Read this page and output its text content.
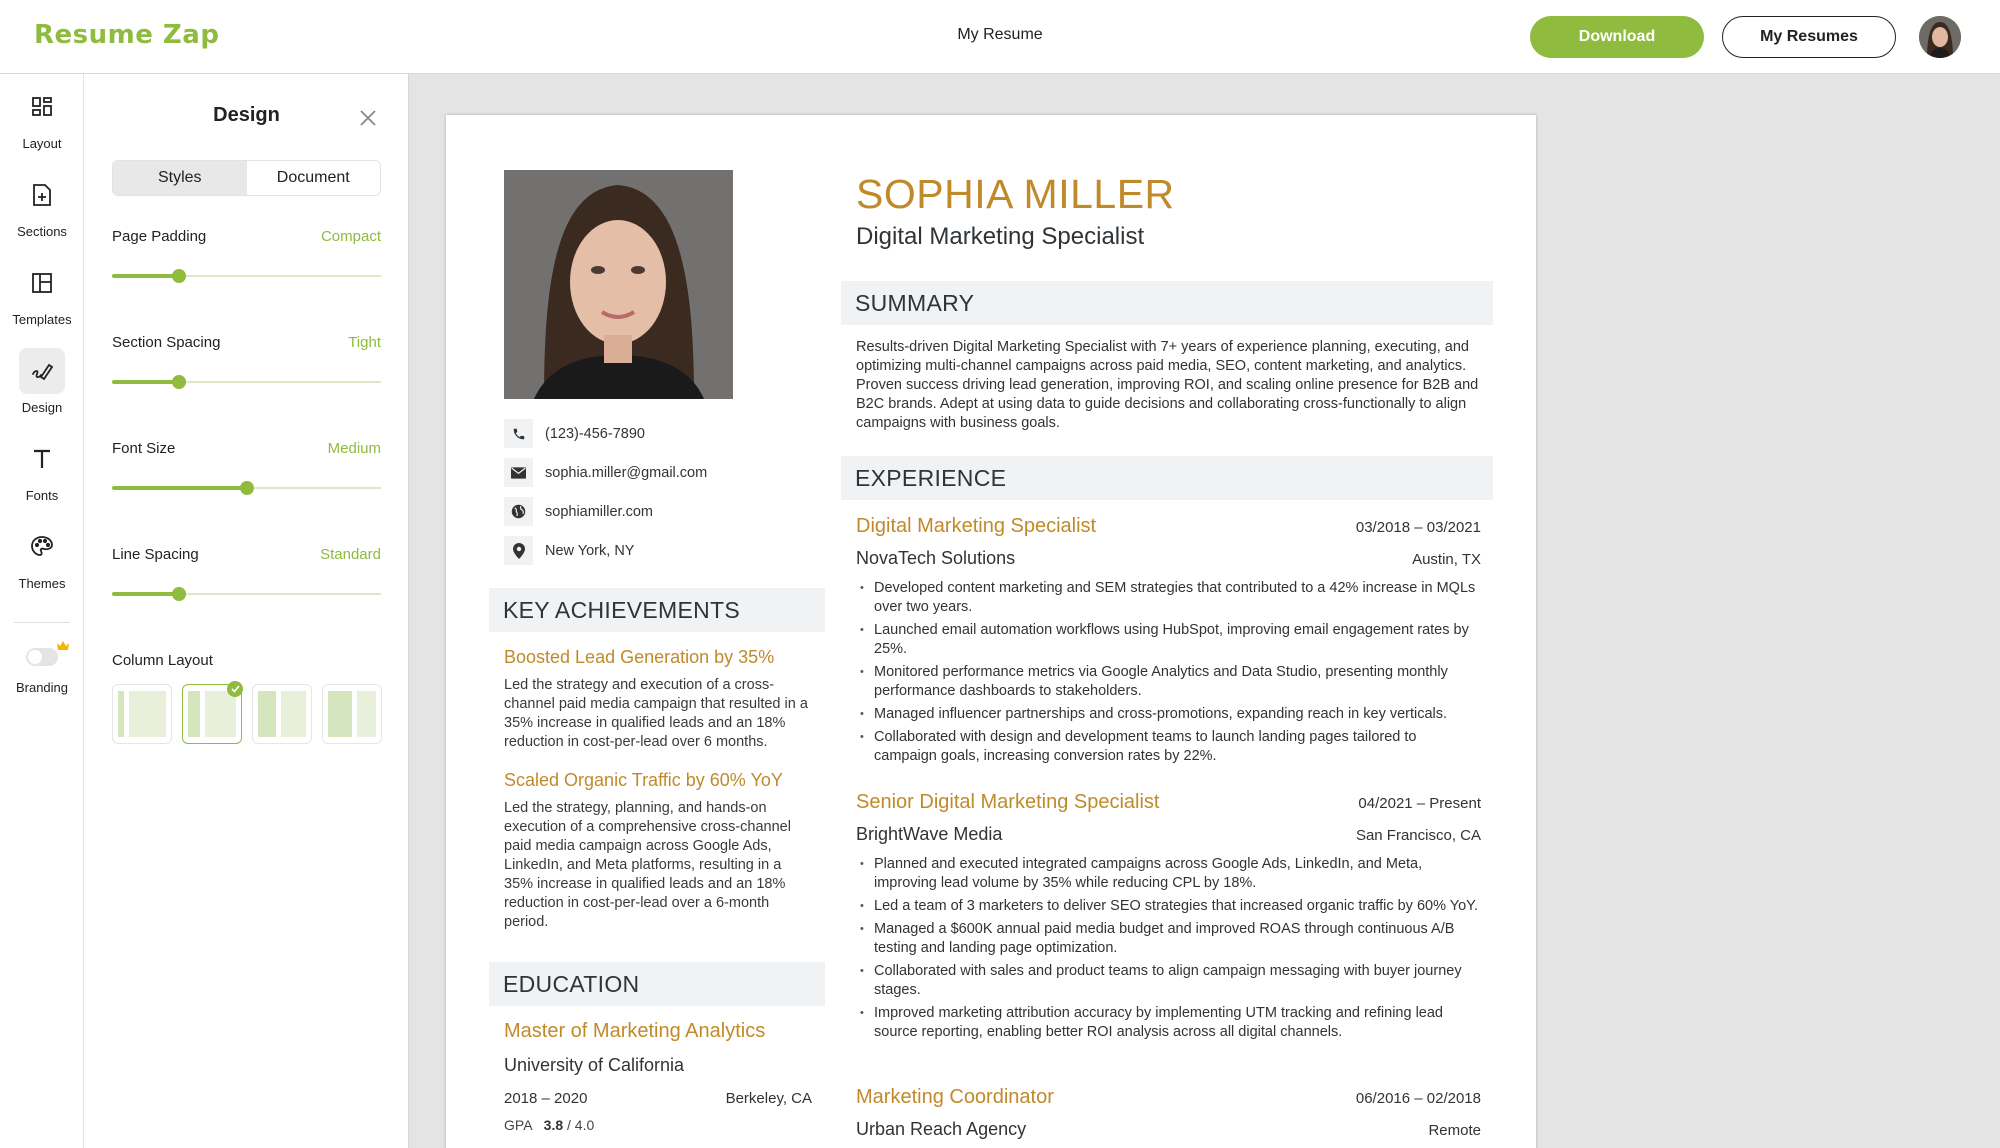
Resume Zap	My Resume	Download	My Resumes
Layout
Sections
Templates
Design
Fonts
Themes
Branding
Design
Styles	Document
Page Padding	Compact
Section Spacing	Tight
Font Size	Medium
Line Spacing	Standard
Column Layout
(123)-456-7890
sophia.miller@gmail.com
sophiamiller.com
New York, NY
KEY ACHIEVEMENTS
Boosted Lead Generation by 35%
Led the strategy and execution of a cross-channel paid media campaign that resulted in a 35% increase in qualified leads and an 18% reduction in cost-per-lead over 6 months.
Scaled Organic Traffic by 60% YoY
Led the strategy, planning, and hands-on execution of a comprehensive cross-channel paid media campaign across Google Ads, LinkedIn, and Meta platforms, resulting in a 35% increase in qualified leads and an 18% reduction in cost-per-lead over a 6-month period.
EDUCATION
Master of Marketing Analytics
University of California
2018 – 2020	Berkeley, CA
GPA 3.8 / 4.0
SOPHIA MILLER
Digital Marketing Specialist
SUMMARY
Results-driven Digital Marketing Specialist with 7+ years of experience planning, executing, and optimizing multi-channel campaigns across paid media, SEO, content marketing, and analytics. Proven success driving lead generation, improving ROI, and scaling online presence for B2B and B2C brands. Adept at using data to guide decisions and collaborating cross-functionally to align campaigns with business goals.
EXPERIENCE
Digital Marketing Specialist	03/2018 – 03/2021
NovaTech Solutions	Austin, TX
• Developed content marketing and SEM strategies that contributed to a 42% increase in MQLs over two years.
• Launched email automation workflows using HubSpot, improving email engagement rates by 25%.
• Monitored performance metrics via Google Analytics and Data Studio, presenting monthly performance dashboards to stakeholders.
• Managed influencer partnerships and cross-promotions, expanding reach in key verticals.
• Collaborated with design and development teams to launch landing pages tailored to campaign goals, increasing conversion rates by 22%.
Senior Digital Marketing Specialist	04/2021 – Present
BrightWave Media	San Francisco, CA
• Planned and executed integrated campaigns across Google Ads, LinkedIn, and Meta, improving lead volume by 35% while reducing CPL by 18%.
• Led a team of 3 marketers to deliver SEO strategies that increased organic traffic by 60% YoY.
• Managed a $600K annual paid media budget and improved ROAS through continuous A/B testing and landing page optimization.
• Collaborated with sales and product teams to align campaign messaging with buyer journey stages.
• Improved marketing attribution accuracy by implementing UTM tracking and refining lead source reporting, enabling better ROI analysis across all digital channels.
Marketing Coordinator	06/2016 – 02/2018
Urban Reach Agency	Remote
